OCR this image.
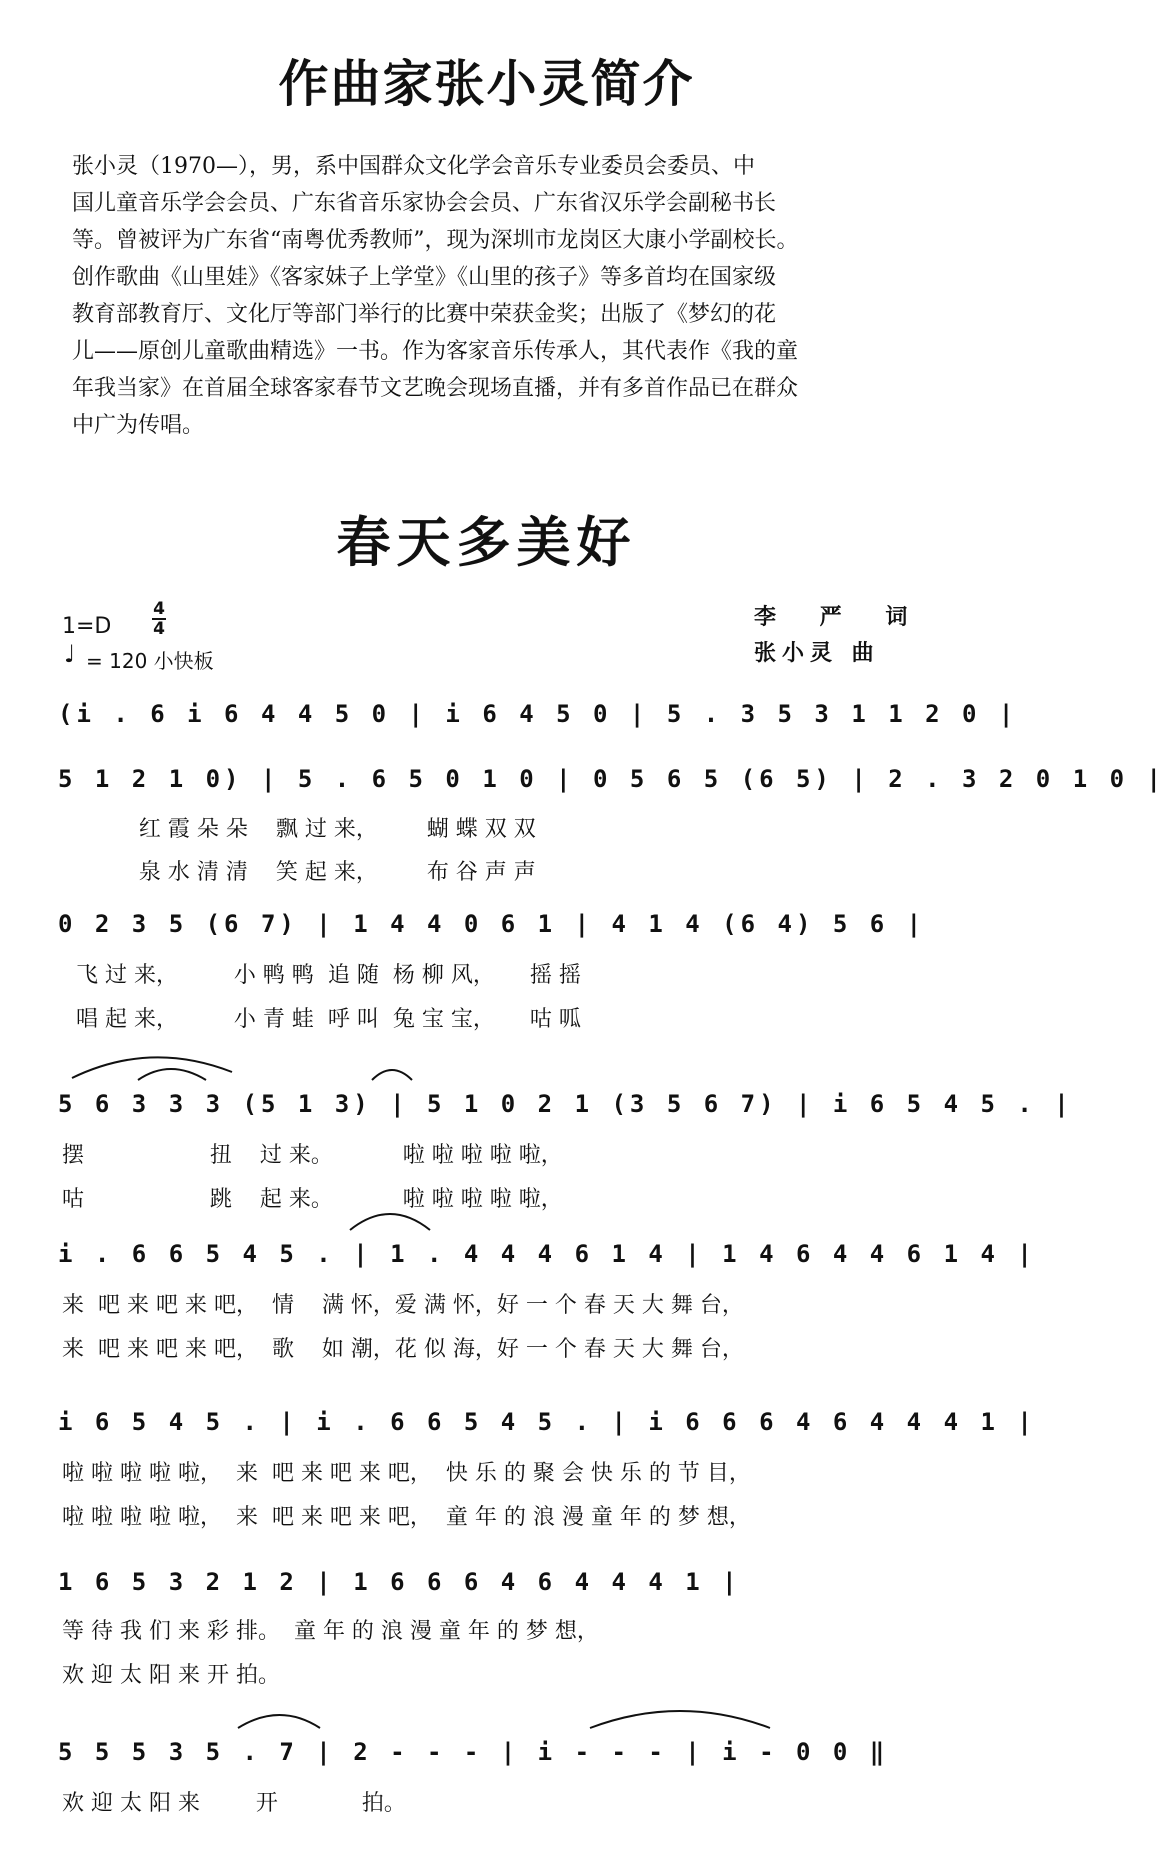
作曲家张小灵简介

张小灵（1970—），男，系中国群众文化学会音乐专业委员会委员、中

国儿童音乐学会会员、广东省音乐家协会会员、广东省汉乐学会副秘书长

等。曾被评为广东省“南粤优秀教师”，现为深圳市龙岗区大康小学副校长。

创作歌曲《山里娃》《客家妹子上学堂》《山里的孩子》等多首均在国家级

教育部教育厅、文化厅等部门举行的比赛中荣获金奖；出版了《梦幻的花

儿——原创儿童歌曲精选》一书。作为客家音乐传承人，其代表作《我的童

年我当家》在首届全球客家春节文艺晚会现场直播，并有多首作品已在群众

中广为传唱。

春天多美好
1=D
4
4
♩ = 120 小快板
李 严 词
张小灵 曲
(i . 6 i 6 4 4 5 0 | i 6 4 5 0 | 5 . 3 5 3 1 1 2 0 |
5 1 2 1 0) | 5 . 6 5 0 1 0 | 0 5 6 5 (6 5) | 2 . 3 2 0 1 0 |
红 霞 朵 朵    飘 过 来，       蝴 蝶 双 双
泉 水 清 清    笑 起 来，       布 谷 声 声
0 2 3 5 (6 7) | 1 4 4 0 6 1 | 4 1 4 (6 4) 5 6 |
飞 过 来，        小 鸭 鸭  追 随  杨 柳 风，     摇 摇
唱 起 来，        小 青 蛙  呼 叫  兔 宝 宝，     咕 呱
5 6 3 3 3 (5 1 3) | 5 1 0 2 1 (3 5 6 7) | i 6 5 4 5 . |
摆                  扭    过 来。          啦 啦 啦 啦 啦，
咕                  跳    起 来。          啦 啦 啦 啦 啦，
i . 6 6 5 4 5 . | 1 . 4 4 4 6 1 4 | 1 4 6 4 4 6 1 4 |
来  吧 来 吧 来 吧，  情    满 怀，爱 满 怀，好 一 个 春 天 大 舞 台，
来  吧 来 吧 来 吧，  歌    如 潮，花 似 海，好 一 个 春 天 大 舞 台，
i 6 5 4 5 . | i . 6 6 5 4 5 . | i 6 6 6 4 6 4 4 4 1 |
啦 啦 啦 啦 啦，  来  吧 来 吧 来 吧，  快 乐 的 聚 会 快 乐 的 节 目，
啦 啦 啦 啦 啦，  来  吧 来 吧 来 吧，  童 年 的 浪 漫 童 年 的 梦 想，
1 6 5 3 2 1 2 | 1 6 6 6 4 6 4 4 4 1 |
等 待 我 们 来 彩 排。  童 年 的 浪 漫 童 年 的 梦 想，
欢 迎 太 阳 来 开 拍。
5 5 5 3 5 . 7 | 2 - - - | i - - - | i - 0 0 ‖
欢 迎 太 阳 来        开            拍。
